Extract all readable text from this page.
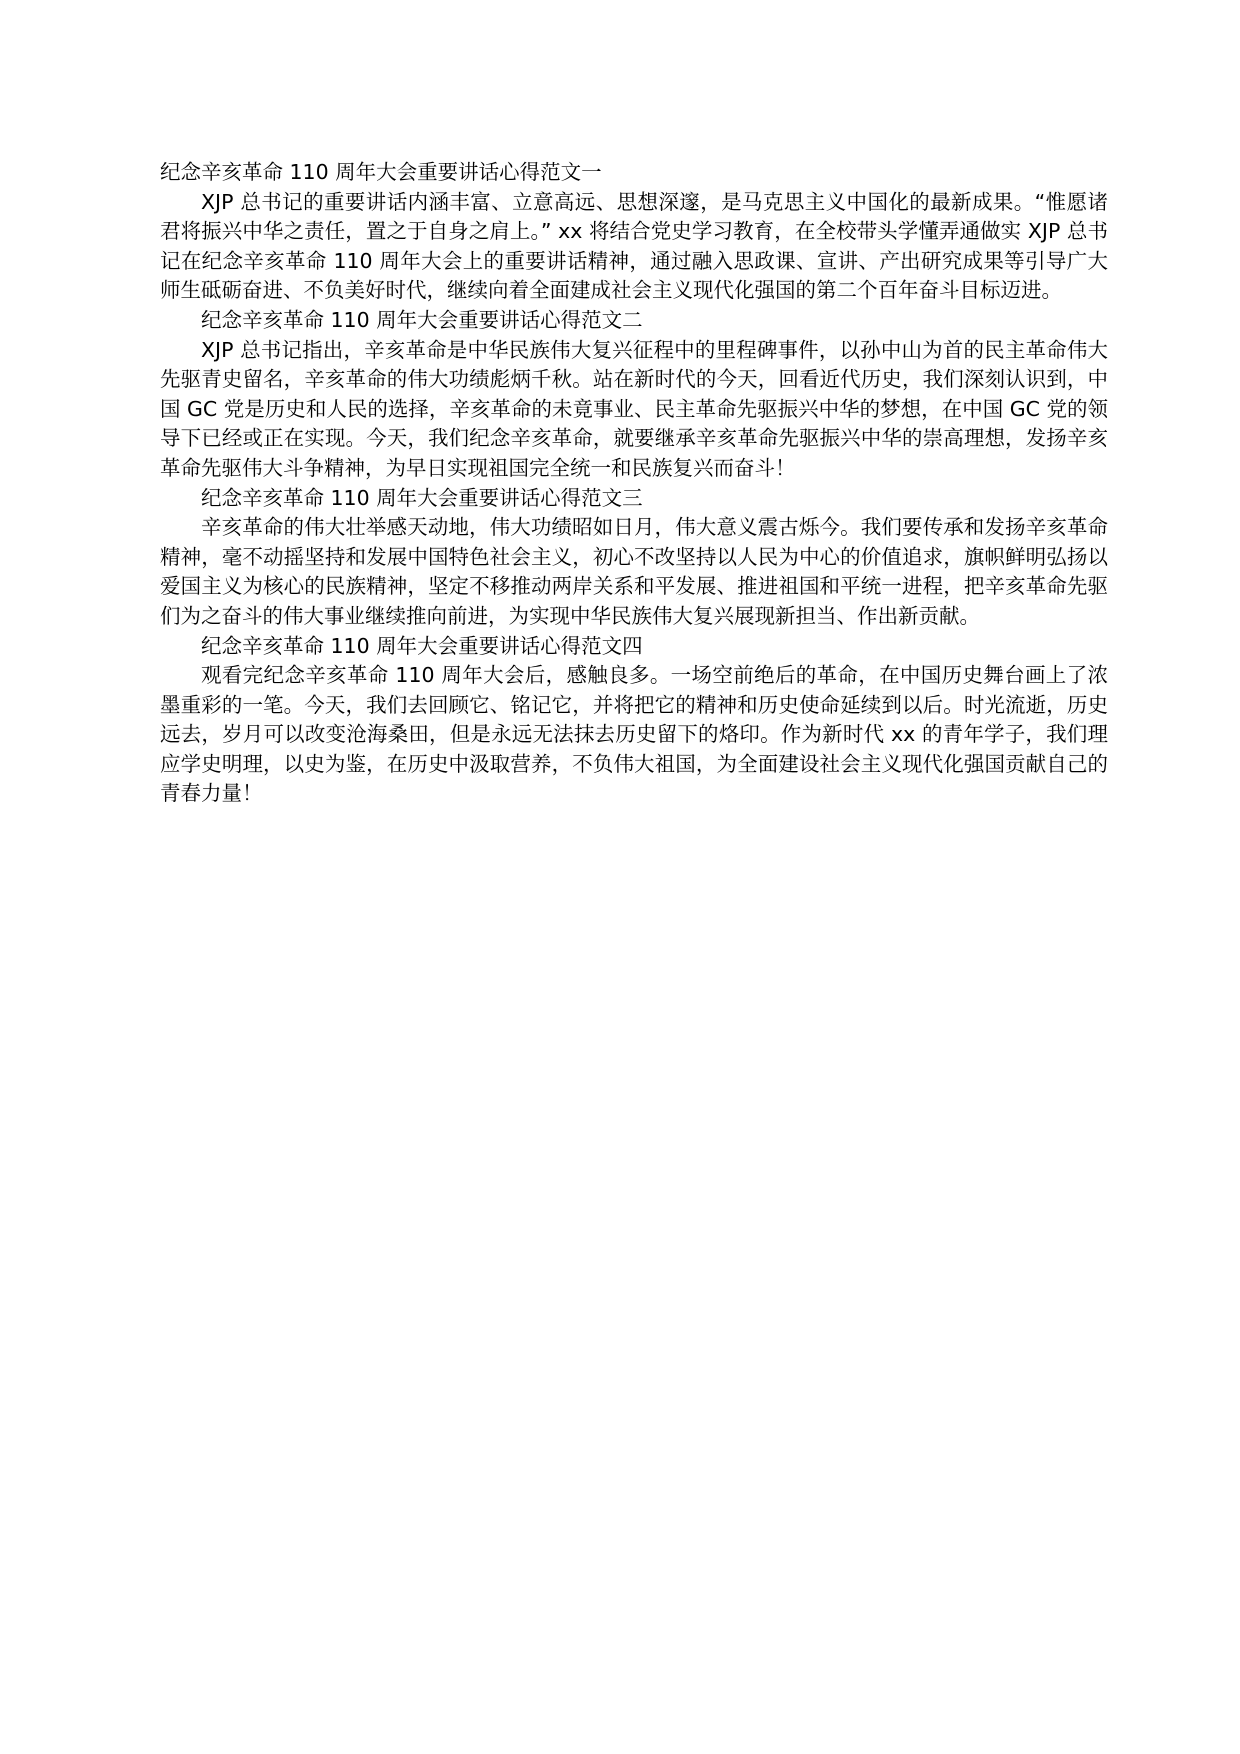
纪念辛亥革命 110 周年大会重要讲话心得范文一

XJP 总书记的重要讲话内涵丰富、立意高远、思想深邃，是马克思主义中国化的最新成果。“惟愿诸君将振兴中华之责任，置之于自身之肩上。” xx 将结合党史学习教育，在全校带头学懂弄通做实 XJP 总书记在纪念辛亥革命 110 周年大会上的重要讲话精神，通过融入思政课、宣讲、产出研究成果等引导广大师生砥砺奋进、不负美好时代，继续向着全面建成社会主义现代化强国的第二个百年奋斗目标迈进。

纪念辛亥革命 110 周年大会重要讲话心得范文二

XJP 总书记指出，辛亥革命是中华民族伟大复兴征程中的里程碑事件，以孙中山为首的民主革命伟大先驱青史留名，辛亥革命的伟大功绩彪炳千秋。站在新时代的今天，回看近代历史，我们深刻认识到，中国 GC 党是历史和人民的选择，辛亥革命的未竟事业、民主革命先驱振兴中华的梦想，在中国 GC 党的领导下已经或正在实现。今天，我们纪念辛亥革命，就要继承辛亥革命先驱振兴中华的崇高理想，发扬辛亥革命先驱伟大斗争精神，为早日实现祖国完全统一和民族复兴而奋斗！

纪念辛亥革命 110 周年大会重要讲话心得范文三

辛亥革命的伟大壮举感天动地，伟大功绩昭如日月，伟大意义震古烁今。我们要传承和发扬辛亥革命精神，毫不动摇坚持和发展中国特色社会主义，初心不改坚持以人民为中心的价值追求，旗帜鲜明弘扬以爱国主义为核心的民族精神，坚定不移推动两岸关系和平发展、推进祖国和平统一进程，把辛亥革命先驱们为之奋斗的伟大事业继续推向前进，为实现中华民族伟大复兴展现新担当、作出新贡献。

纪念辛亥革命 110 周年大会重要讲话心得范文四

观看完纪念辛亥革命 110 周年大会后，感触良多。一场空前绝后的革命，在中国历史舞台画上了浓墨重彩的一笔。今天，我们去回顾它、铭记它，并将把它的精神和历史使命延续到以后。时光流逝，历史远去，岁月可以改变沧海桑田，但是永远无法抹去历史留下的烙印。作为新时代 xx 的青年学子，我们理应学史明理，以史为鉴，在历史中汲取营养，不负伟大祖国，为全面建设社会主义现代化强国贡献自己的青春力量！
